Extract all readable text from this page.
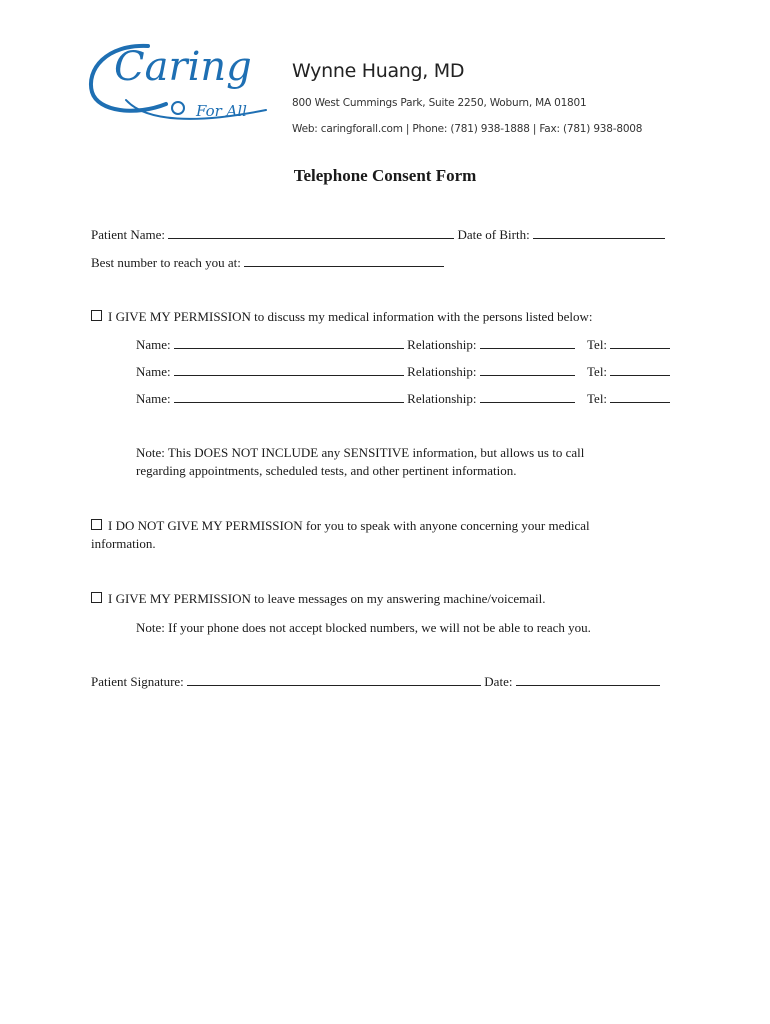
Caring
For All
Wynne Huang, MD
800 West Cummings Park, Suite 2250, Woburn, MA 01801
Web: caringforall.com | Phone: (781) 938-1888 | Fax: (781) 938-8008
Telephone Consent Form
Patient Name:	Date of Birth:
Best number to reach you at:
I GIVE MY PERMISSION to discuss my medical information with the persons listed below:
Name:	Relationship:	Tel:
Name:	Relationship:	Tel:
Name:	Relationship:	Tel:
Note: This DOES NOT INCLUDE any SENSITIVE information, but allows us to call
regarding appointments, scheduled tests, and other pertinent information.
I DO NOT GIVE MY PERMISSION for you to speak with anyone concerning your medical
information.
I GIVE MY PERMISSION to leave messages on my answering machine/voicemail.
Note: If your phone does not accept blocked numbers, we will not be able to reach you.
Patient Signature:	Date:
